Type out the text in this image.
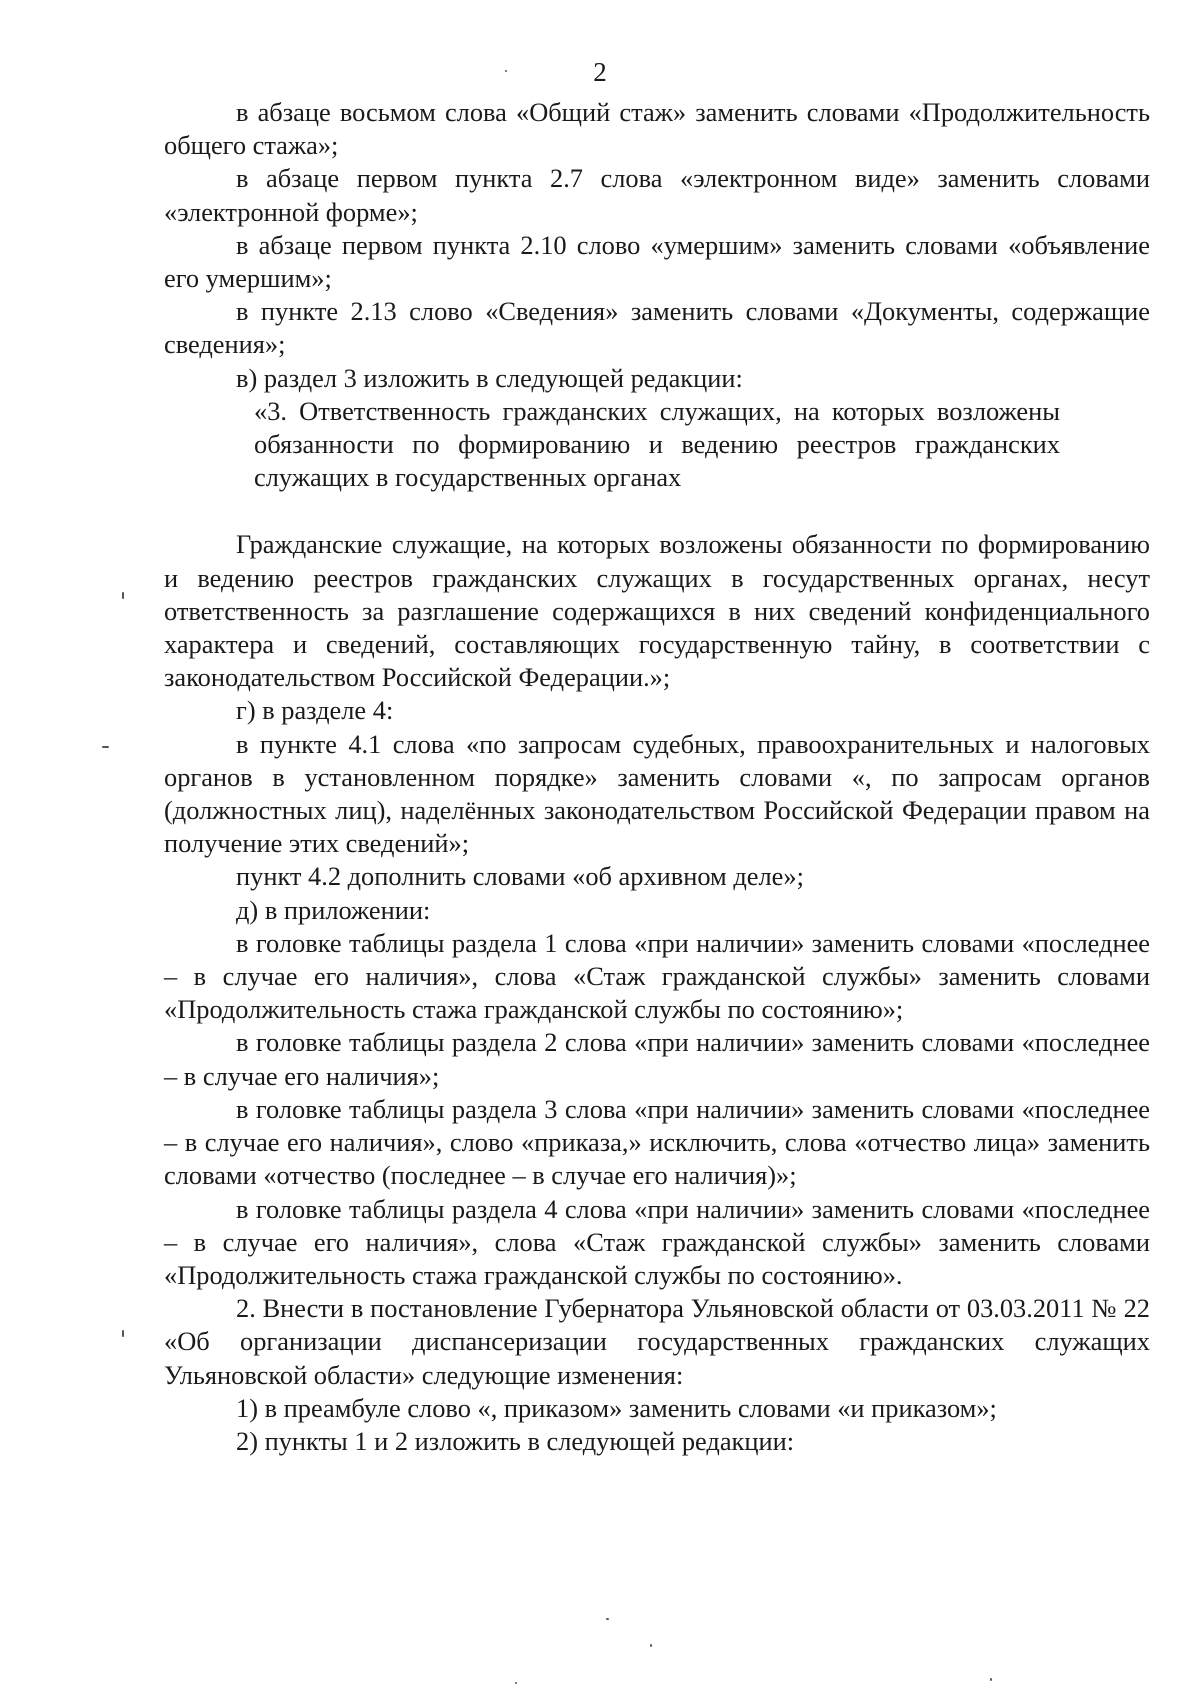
2

в абзаце восьмом слова «Общий стаж» заменить словами «Продолжительность общего стажа»;

в абзаце первом пункта 2.7 слова «электронном виде» заменить словами «электронной форме»;

в абзаце первом пункта 2.10 слово «умершим» заменить словами «объявление его умершим»;

в пункте 2.13 слово «Сведения» заменить словами «Документы, содержащие сведения»;

в) раздел 3 изложить в следующей редакции:

«3. Ответственность гражданских служащих, на которых возложены обязанности по формированию и ведению реестров гражданских служащих в государственных органах

Гражданские служащие, на которых возложены обязанности по формированию и ведению реестров гражданских служащих в государственных органах, несут ответственность за разглашение содержащихся в них сведений конфиденциального характера и сведений, составляющих государственную тайну, в соответствии с законодательством Российской Федерации.»;

г) в разделе 4:

в пункте 4.1 слова «по запросам судебных, правоохранительных и налоговых органов в установленном порядке» заменить словами «, по запросам органов (должностных лиц), наделённых законодательством Российской Федерации правом на получение этих сведений»;

пункт 4.2 дополнить словами «об архивном деле»;

д) в приложении:

в головке таблицы раздела 1 слова «при наличии» заменить словами «последнее – в случае его наличия», слова «Стаж гражданской службы» заменить словами «Продолжительность стажа гражданской службы по состоянию»;

в головке таблицы раздела 2 слова «при наличии» заменить словами «последнее – в случае его наличия»;

в головке таблицы раздела 3 слова «при наличии» заменить словами «последнее – в случае его наличия», слово «приказа,» исключить, слова «отчество лица» заменить словами «отчество (последнее – в случае его наличия)»;

в головке таблицы раздела 4 слова «при наличии» заменить словами «последнее – в случае его наличия», слова «Стаж гражданской службы» заменить словами «Продолжительность стажа гражданской службы по состоянию».

2. Внести в постановление Губернатора Ульяновской области от 03.03.2011 № 22 «Об организации диспансеризации государственных гражданских служащих Ульяновской области» следующие изменения:

1) в преамбуле слово «, приказом» заменить словами «и приказом»;

2) пункты 1 и 2 изложить в следующей редакции:
